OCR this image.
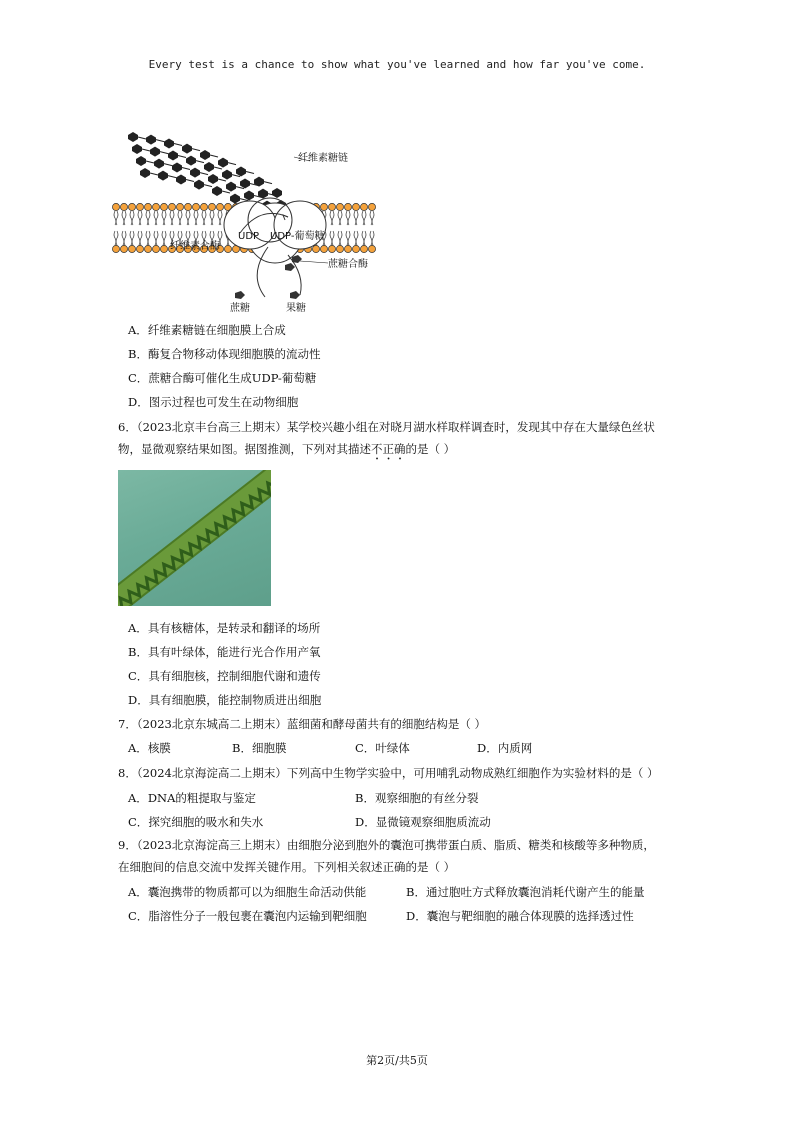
Every test is a chance to show what you've learned and how far you've come.
纤维素糖链
UDP UDP-葡萄糖
纤维素合酶
蔗糖合酶
蔗糖	果糖
A．纤维素糖链在细胞膜上合成
B．酶复合物移动体现细胞膜的流动性
C．蔗糖合酶可催化生成UDP-葡萄糖
D．图示过程也可发生在动物细胞
6．（2023北京丰台高三上期末）某学校兴趣小组在对晓月湖水样取样调查时，发现其中存在大量绿色丝状
物，显微观察结果如图。据图推测，下列对其描述不正确的是（ ）
A．具有核糖体，是转录和翻译的场所
B．具有叶绿体，能进行光合作用产氧
C．具有细胞核，控制细胞代谢和遗传
D．具有细胞膜，能控制物质进出细胞
7．（2023北京东城高二上期末）蓝细菌和酵母菌共有的细胞结构是（ ）
A．核膜	B．细胞膜	C．叶绿体	D．内质网
8．（2024北京海淀高二上期末）下列高中生物学实验中，可用哺乳动物成熟红细胞作为实验材料的是（ ）
A．DNA的粗提取与鉴定	B．观察细胞的有丝分裂
C．探究细胞的吸水和失水	D．显微镜观察细胞质流动
9．（2023北京海淀高三上期末）由细胞分泌到胞外的囊泡可携带蛋白质、脂质、糖类和核酸等多种物质，
在细胞间的信息交流中发挥关键作用。下列相关叙述正确的是（ ）
A．囊泡携带的物质都可以为细胞生命活动供能	B．通过胞吐方式释放囊泡消耗代谢产生的能量
C．脂溶性分子一般包裹在囊泡内运输到靶细胞	D．囊泡与靶细胞的融合体现膜的选择透过性
第2页/共5页
